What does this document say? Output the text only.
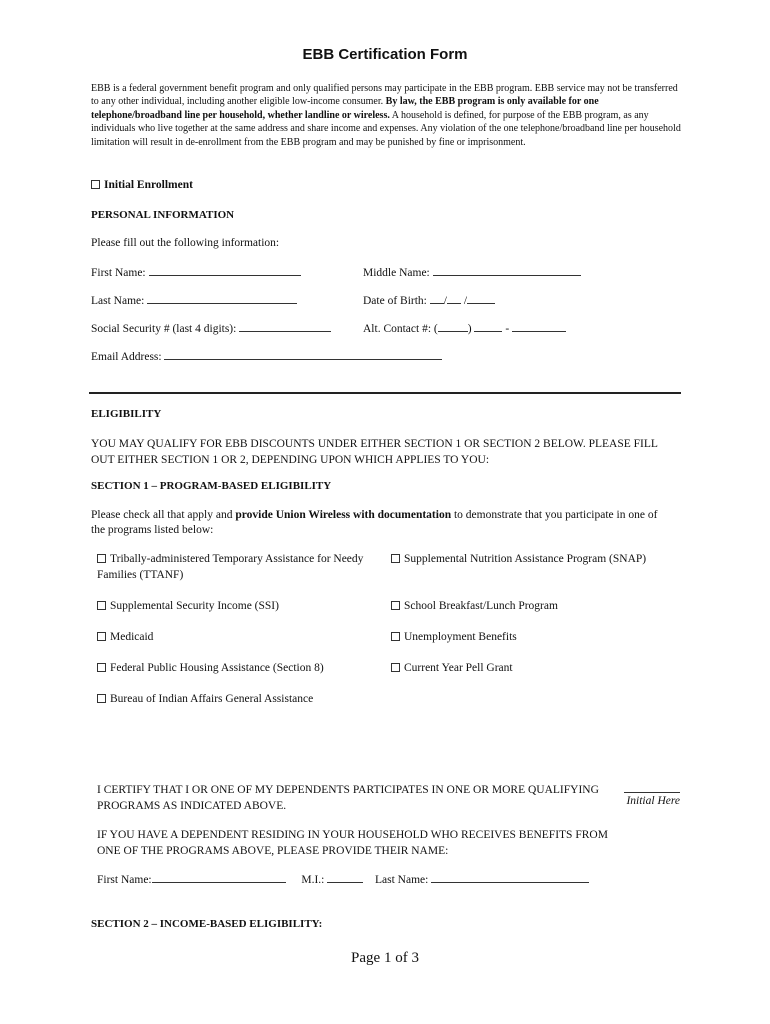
EBB Certification Form
EBB is a federal government benefit program and only qualified persons may participate in the EBB program. EBB service may not be transferred to any other individual, including another eligible low-income consumer. By law, the EBB program is only available for one telephone/broadband line per household, whether landline or wireless. A household is defined, for purpose of the EBB program, as any individuals who live together at the same address and share income and expenses. Any violation of the one telephone/broadband line per household limitation will result in de-enrollment from the EBB program and may be punished by fine or imprisonment.
Initial Enrollment
PERSONAL INFORMATION
Please fill out the following information:
First Name:	Middle Name:
Last Name:	Date of Birth: / /
Social Security # (last 4 digits):	Alt. Contact #: (	)	-
Email Address:
ELIGIBILITY
YOU MAY QUALIFY FOR EBB DISCOUNTS UNDER EITHER SECTION 1 OR SECTION 2 BELOW. PLEASE FILL OUT EITHER SECTION 1 OR 2, DEPENDING UPON WHICH APPLIES TO YOU:
SECTION 1 – PROGRAM-BASED ELIGIBILITY
Please check all that apply and provide Union Wireless with documentation to demonstrate that you participate in one of the programs listed below:
Tribally-administered Temporary Assistance for Needy Families (TTANF)
Supplemental Security Income (SSI)
Medicaid
Federal Public Housing Assistance (Section 8)
Bureau of Indian Affairs General Assistance
Supplemental Nutrition Assistance Program (SNAP)
School Breakfast/Lunch Program
Unemployment Benefits
Current Year Pell Grant
I CERTIFY THAT I OR ONE OF MY DEPENDENTS PARTICIPATES IN ONE OR MORE QUALIFYING PROGRAMS AS INDICATED ABOVE.	Initial Here
IF YOU HAVE A DEPENDENT RESIDING IN YOUR HOUSEHOLD WHO RECEIVES BENEFITS FROM ONE OF THE PROGRAMS ABOVE, PLEASE PROVIDE THEIR NAME:
First Name:	M.I.:	Last Name:
SECTION 2 – INCOME-BASED ELIGIBILITY:
Page 1 of 3
